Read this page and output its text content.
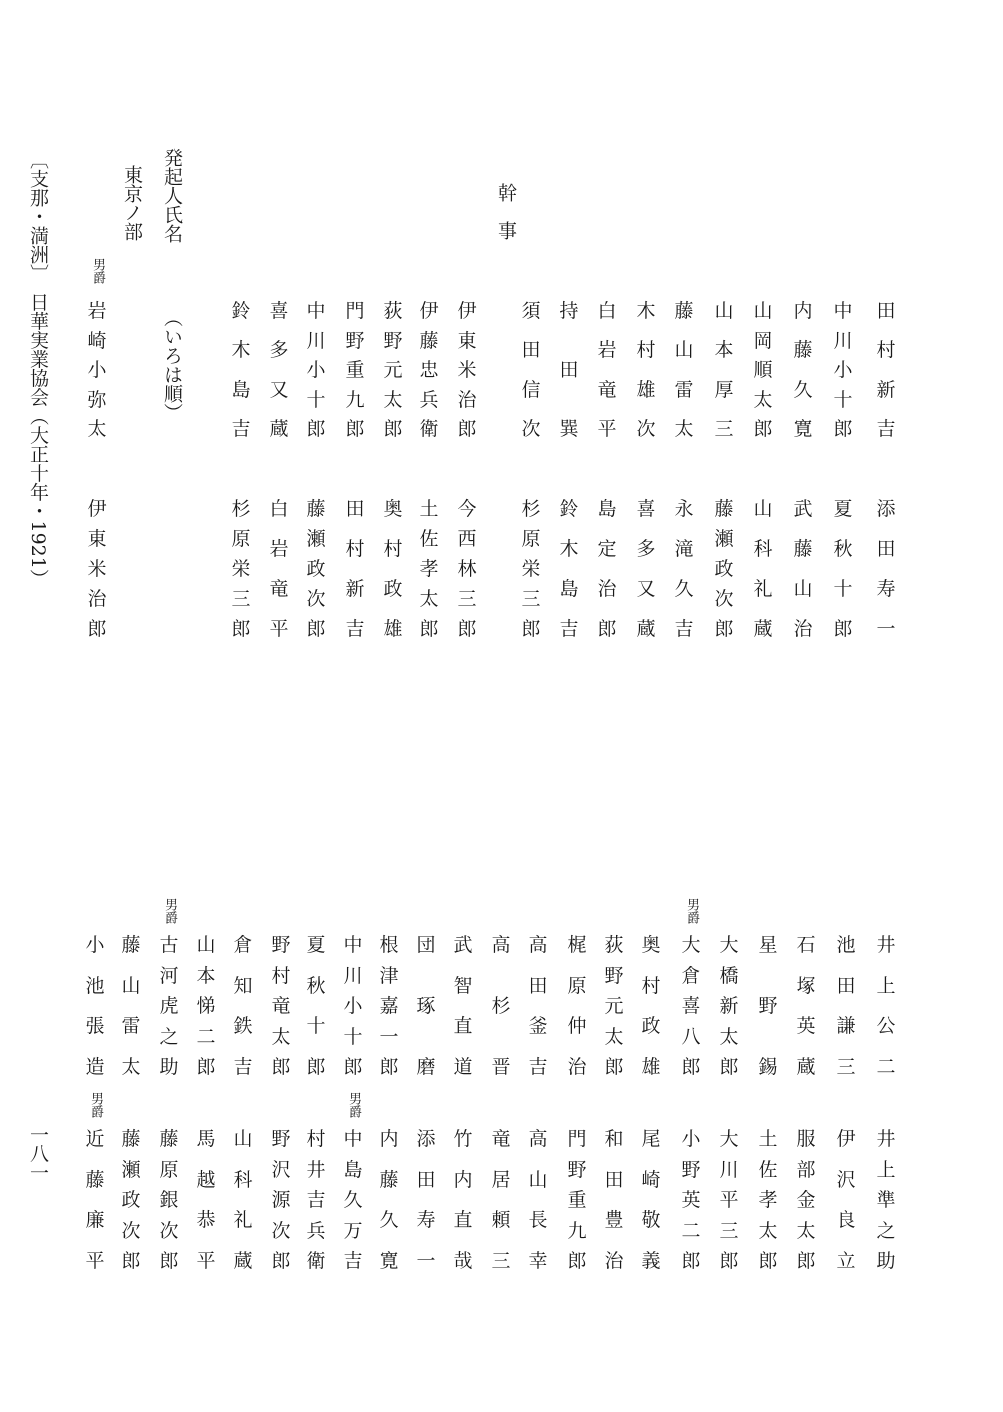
〔支那・満洲〕　日華実業協会（大正十年・1921）	発起人氏名
東京ノ部
（いろは順）
幹　事
一八一
男爵
岩
崎
小
弥
太
伊
東
米
治
郎
田
村
新
吉
添
田
寿
一
中
川
小
十
郎
夏
秋
十
郎
内
藤
久
寛
武
藤
山
治
山
岡
順
太
郎
山
科
礼
蔵
山
本
厚
三
藤
瀬
政
次
郎
藤
山
雷
太
永
滝
久
吉
木
村
雄
次
喜
多
又
蔵
白
岩
竜
平
島
定
治
郎
持
田
巽
鈴
木
島
吉
須
田
信
次
杉
原
栄
三
郎
伊
東
米
治
郎
今
西
林
三
郎
伊
藤
忠
兵
衛
土
佐
孝
太
郎
荻
野
元
太
郎
奥
村
政
雄
門
野
重
九
郎
田
村
新
吉
中
川
小
十
郎
藤
瀬
政
次
郎
喜
多
又
蔵
白
岩
竜
平
鈴
木
島
吉
杉
原
栄
三
郎
井
上
公
二
井
上
準
之
助
池
田
謙
三
伊
沢
良
立
石
塚
英
蔵
服
部
金
太
郎
星
野
錫
土
佐
孝
太
郎
大
橋
新
太
郎
大
川
平
三
郎
男爵
大
倉
喜
八
郎
小
野
英
二
郎
奥
村
政
雄
尾
崎
敬
義
荻
野
元
太
郎
和
田
豊
治
梶
原
仲
治
門
野
重
九
郎
高
田
釜
吉
高
山
長
幸
高
杉
晋
竜
居
頼
三
武
智
直
道
竹
内
直
哉
団
琢
磨
添
田
寿
一
根
津
嘉
一
郎
内
藤
久
寛
中
川
小
十
郎
男爵
中
島
久
万
吉
夏
秋
十
郎
村
井
吉
兵
衛
野
村
竜
太
郎
野
沢
源
次
郎
倉
知
鉄
吉
山
科
礼
蔵
山
本
悌
二
郎
馬
越
恭
平
男爵
古
河
虎
之
助
藤
原
銀
次
郎
藤
山
雷
太
藤
瀬
政
次
郎
小
池
張
造
男爵
近
藤
廉
平
